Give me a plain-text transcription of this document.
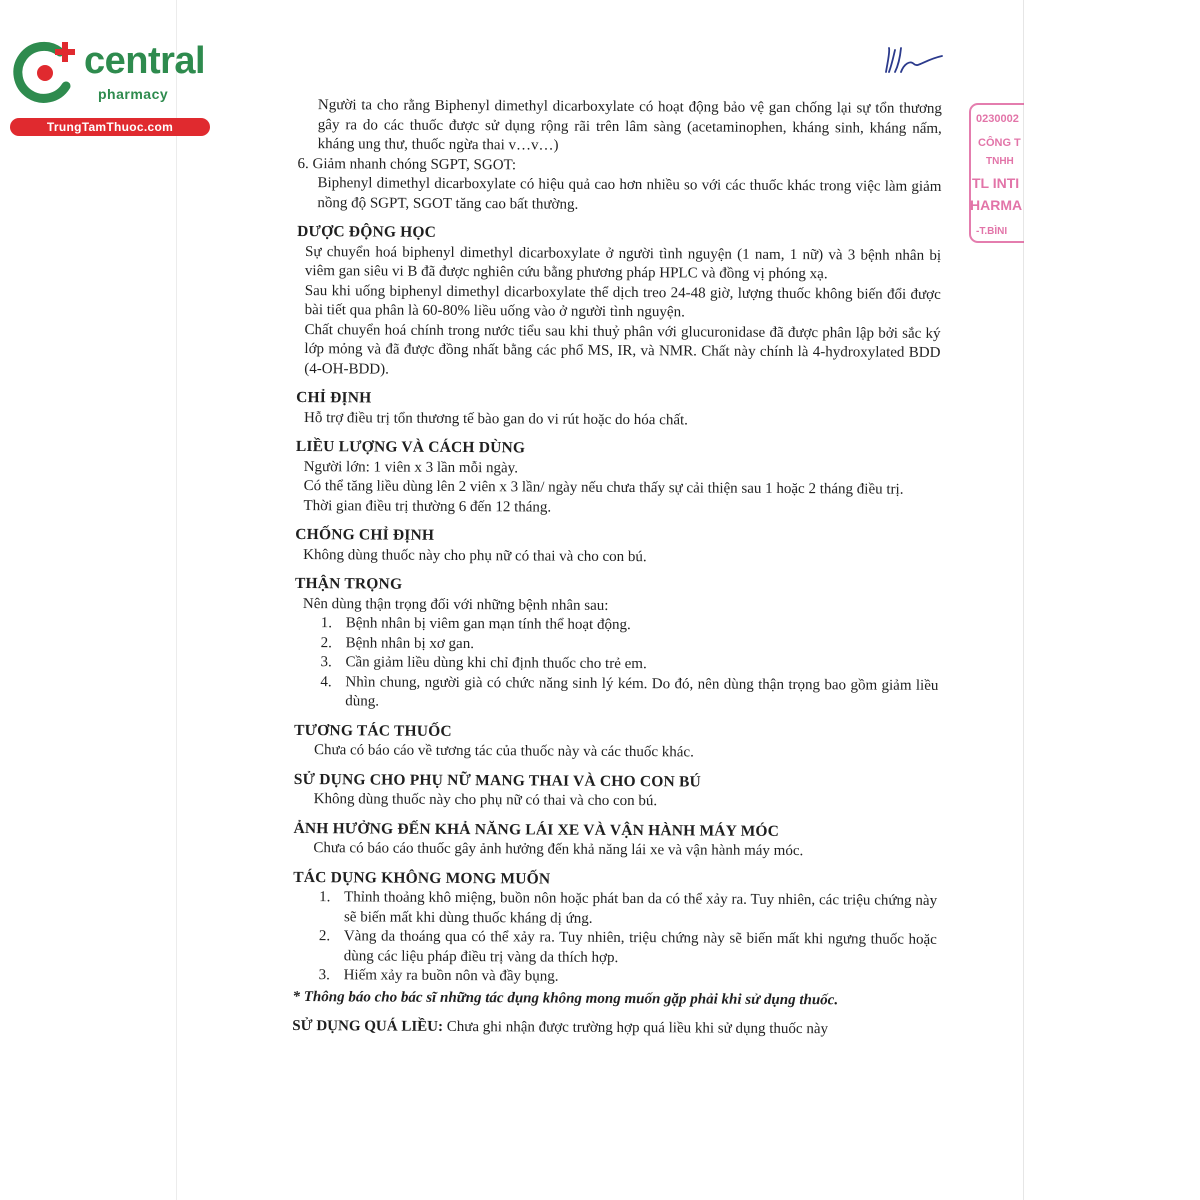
central
pharmacy
TrungTamThuoc.com
0230002
CÔNG T
TNHH
TL INTI
HARMA
-T.BÌNI

Người ta cho rằng Biphenyl dimethyl dicarboxylate có hoạt động bảo vệ gan chống lại sự tổn thương gây ra do các thuốc được sử dụng rộng rãi trên lâm sàng (acetaminophen, kháng sinh, kháng nấm, kháng ung thư, thuốc ngừa thai v…v…)

6. Giảm nhanh chóng SGPT, SGOT:

Biphenyl dimethyl dicarboxylate có hiệu quả cao hơn nhiều so với các thuốc khác trong việc làm giảm nồng độ SGPT, SGOT tăng cao bất thường.

DƯỢC ĐỘNG HỌC

Sự chuyển hoá biphenyl dimethyl dicarboxylate ở người tình nguyện (1 nam, 1 nữ) và 3 bệnh nhân bị viêm gan siêu vi B đã được nghiên cứu bằng phương pháp HPLC và đồng vị phóng xạ.

Sau khi uống biphenyl dimethyl dicarboxylate thể dịch treo 24-48 giờ, lượng thuốc không biến đổi được bài tiết qua phân là 60-80% liều uống vào ở người tình nguyện.

Chất chuyển hoá chính trong nước tiểu sau khi thuỷ phân với glucuronidase đã được phân lập bởi sắc ký lớp mỏng và đã được đồng nhất bằng các phổ MS, IR, và NMR. Chất này chính là 4-hydroxylated BDD (4-OH-BDD).

CHỈ ĐỊNH

Hỗ trợ điều trị tổn thương tế bào gan do vi rút hoặc do hóa chất.

LIỀU LƯỢNG VÀ CÁCH DÙNG

Người lớn: 1 viên x 3 lần mỗi ngày.

Có thể tăng liều dùng lên 2 viên x 3 lần/ ngày nếu chưa thấy sự cải thiện sau 1 hoặc 2 tháng điều trị.

Thời gian điều trị thường 6 đến 12 tháng.

CHỐNG CHỈ ĐỊNH

Không dùng thuốc này cho phụ nữ có thai và cho con bú.

THẬN TRỌNG

Nên dùng thận trọng đối với những bệnh nhân sau:

1. Bệnh nhân bị viêm gan mạn tính thể hoạt động.
2. Bệnh nhân bị xơ gan.
3. Cần giảm liều dùng khi chỉ định thuốc cho trẻ em.
4. Nhìn chung, người già có chức năng sinh lý kém. Do đó, nên dùng thận trọng bao gồm giảm liều dùng.
TƯƠNG TÁC THUỐC

Chưa có báo cáo về tương tác của thuốc này và các thuốc khác.

SỬ DỤNG CHO PHỤ NỮ MANG THAI VÀ CHO CON BÚ

Không dùng thuốc này cho phụ nữ có thai và cho con bú.

ẢNH HƯỞNG ĐẾN KHẢ NĂNG LÁI XE VÀ VẬN HÀNH MÁY MÓC

Chưa có báo cáo thuốc gây ảnh hưởng đến khả năng lái xe và vận hành máy móc.

TÁC DỤNG KHÔNG MONG MUỐN
1. Thỉnh thoảng khô miệng, buồn nôn hoặc phát ban da có thể xảy ra. Tuy nhiên, các triệu chứng này sẽ biến mất khi dùng thuốc kháng dị ứng.
2. Vàng da thoáng qua có thể xảy ra. Tuy nhiên, triệu chứng này sẽ biến mất khi ngưng thuốc hoặc dùng các liệu pháp điều trị vàng da thích hợp.
3. Hiếm xảy ra buồn nôn và đầy bụng.

* Thông báo cho bác sĩ những tác dụng không mong muốn gặp phải khi sử dụng thuốc.

SỬ DỤNG QUÁ LIỀU: Chưa ghi nhận được trường hợp quá liều khi sử dụng thuốc này
